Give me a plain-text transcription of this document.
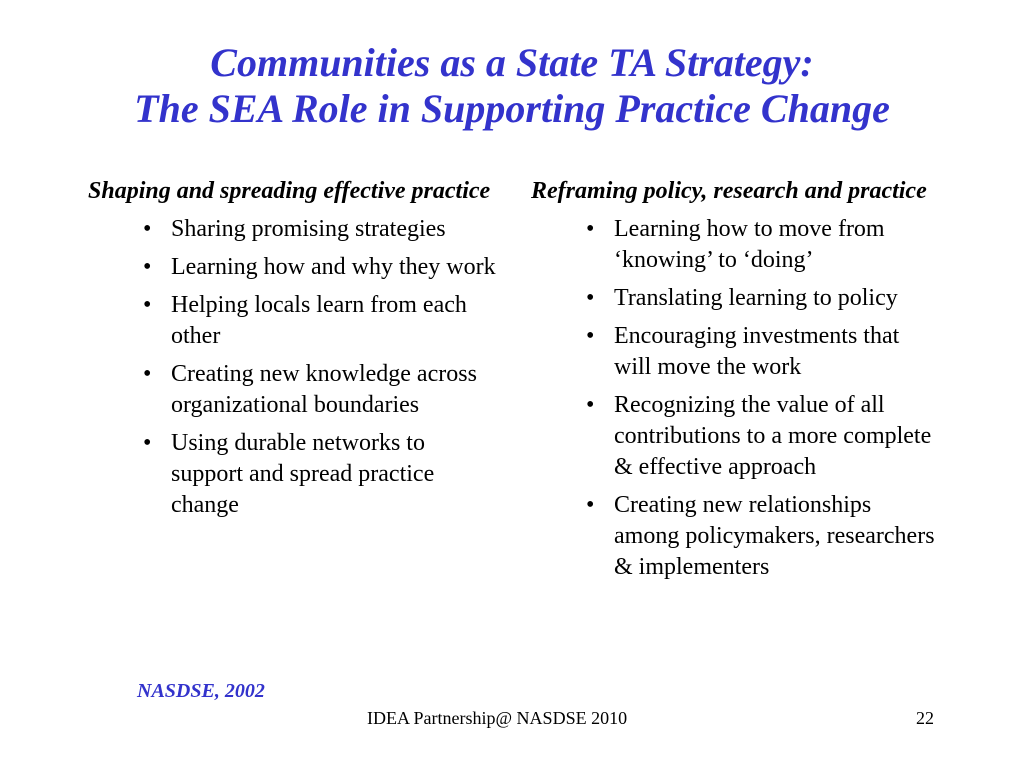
Communities as a State TA Strategy:
The SEA Role in Supporting Practice Change

Shaping and spreading effective practice

• Sharing promising strategies
• Learning how and why they work
• Helping locals learn from each other
• Creating new knowledge across organizational boundaries
• Using durable networks to support and spread practice change

Reframing policy, research and practice

• Learning how to move from ‘knowing’ to ‘doing’
• Translating learning to policy
• Encouraging investments that will move the work
• Recognizing the value of all contributions to a more complete & effective approach
• Creating new relationships among policymakers, researchers & implementers
NASDSE, 2002
IDEA Partnership@ NASDSE 2010	22
